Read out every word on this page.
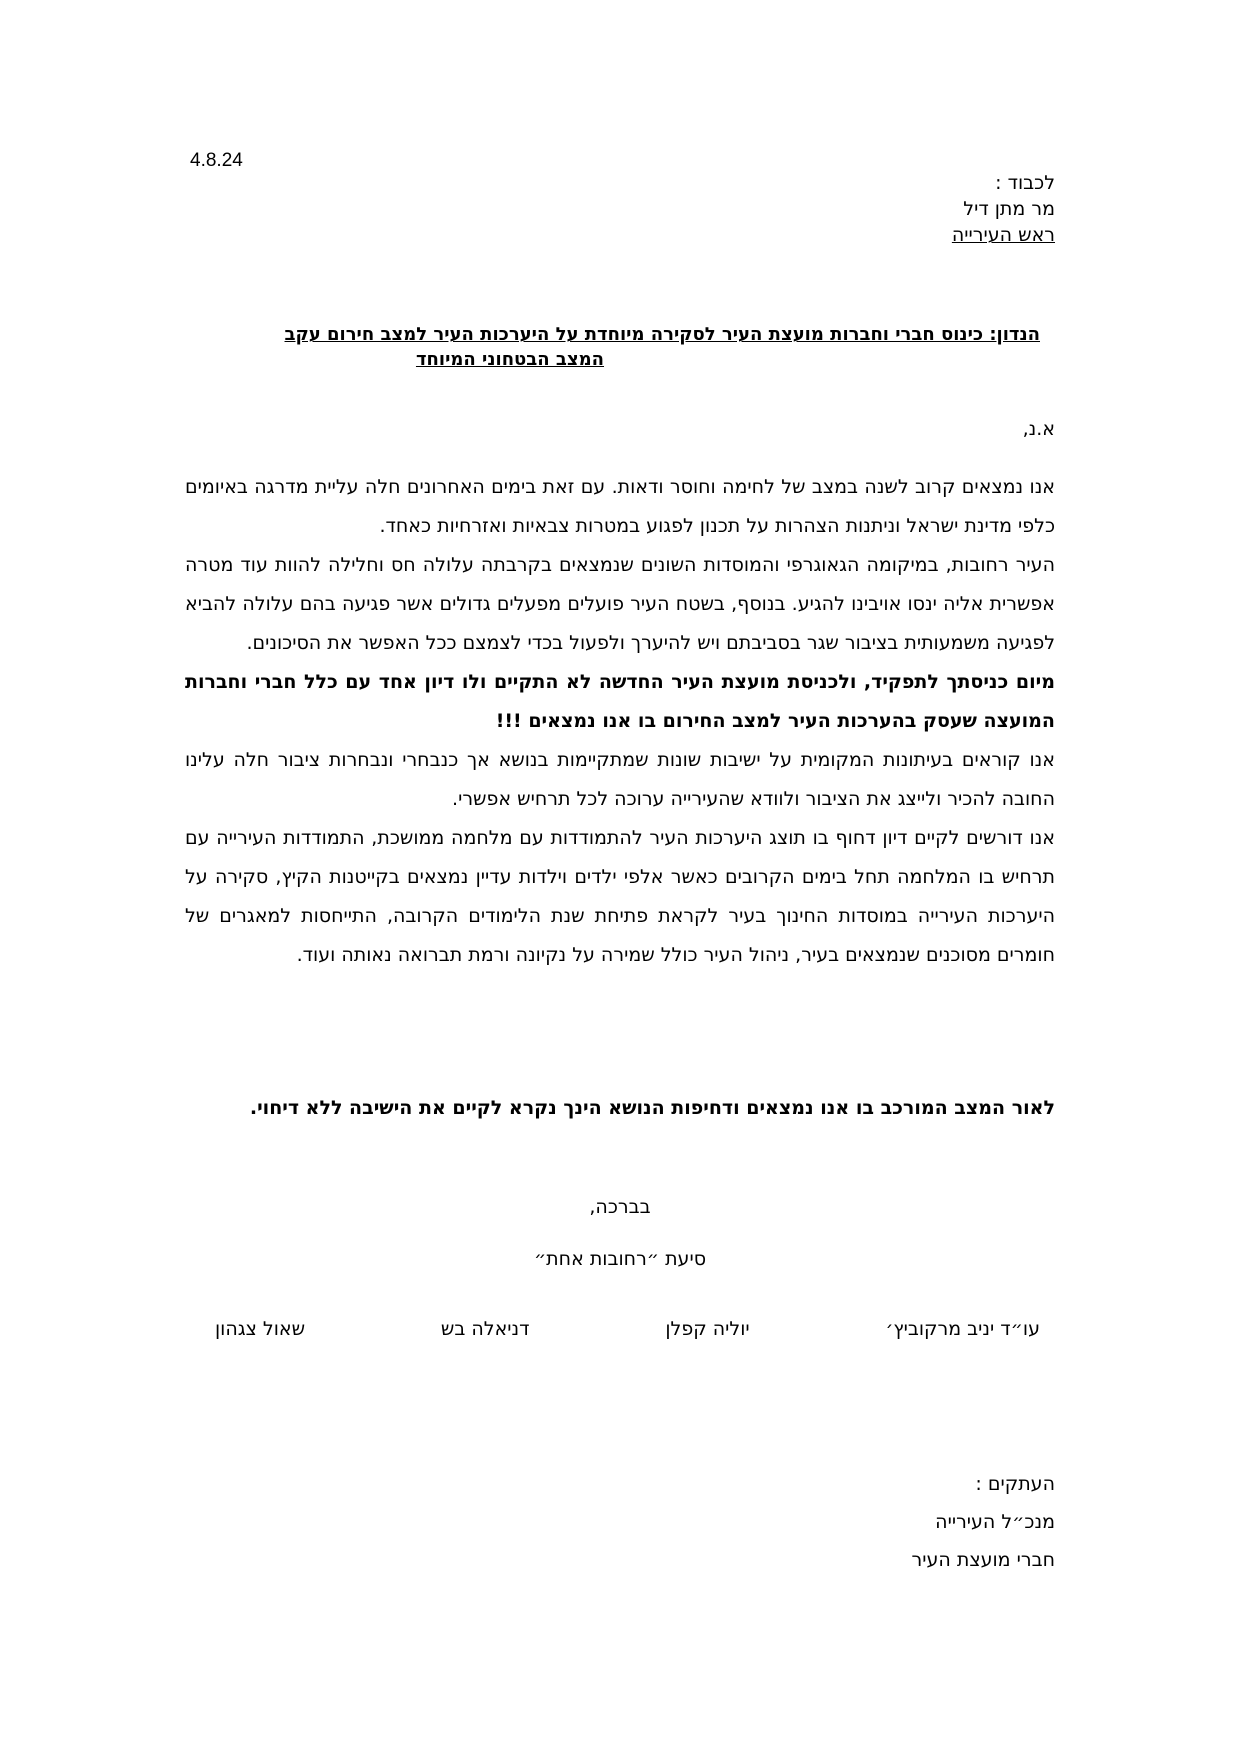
4.8.24
לכבוד :
מר מתן דיל
ראש העירייה
הנדון: כינוס חברי וחברות מועצת העיר לסקירה מיוחדת על היערכות העיר למצב חירום עקב
המצב הבטחוני המיוחד
א.נ,

אנו נמצאים קרוב לשנה במצב של לחימה וחוסר ודאות. עם זאת בימים האחרונים חלה עליית מדרגה באיומים כלפי מדינת ישראל וניתנות הצהרות על תכנון לפגוע במטרות צבאיות ואזרחיות כאחד.

העיר רחובות, במיקומה הגאוגרפי והמוסדות השונים שנמצאים בקרבתה עלולה חס וחלילה להוות עוד מטרה אפשרית אליה ינסו אויבינו להגיע. בנוסף, בשטח העיר פועלים מפעלים גדולים אשר פגיעה בהם עלולה להביא לפגיעה משמעותית בציבור שגר בסביבתם ויש להיערך ולפעול בכדי לצמצם ככל האפשר את הסיכונים.

מיום כניסתך לתפקיד, ולכניסת מועצת העיר החדשה לא התקיים ולו דיון אחד עם כלל חברי וחברות המועצה שעסק בהערכות העיר למצב החירום בו אנו נמצאים !!!

אנו קוראים בעיתונות המקומית על ישיבות שונות שמתקיימות בנושא אך כנבחרי ונבחרות ציבור חלה עלינו החובה להכיר ולייצג את הציבור ולוודא שהעירייה ערוכה לכל תרחיש אפשרי.

אנו דורשים לקיים דיון דחוף בו תוצג היערכות העיר להתמודדות עם מלחמה ממושכת, התמודדות העירייה עם תרחיש בו המלחמה תחל בימים הקרובים כאשר אלפי ילדים וילדות עדיין נמצאים בקייטנות הקיץ, סקירה על היערכות העירייה במוסדות החינוך בעיר לקראת פתיחת שנת הלימודים הקרובה, התייחסות למאגרים של חומרים מסוכנים שנמצאים בעיר, ניהול העיר כולל שמירה על נקיונה ורמת תברואה נאותה ועוד.

לאור המצב המורכב בו אנו נמצאים ודחיפות הנושא הינך נקרא לקיים את הישיבה ללא דיחוי.
בברכה,
סיעת ״רחובות אחת״
עו״ד יניב מרקוביץ׳
יוליה קפלן
דניאלה בש
שאול צגהון
העתקים :
מנכ״ל העירייה
חברי מועצת העיר
